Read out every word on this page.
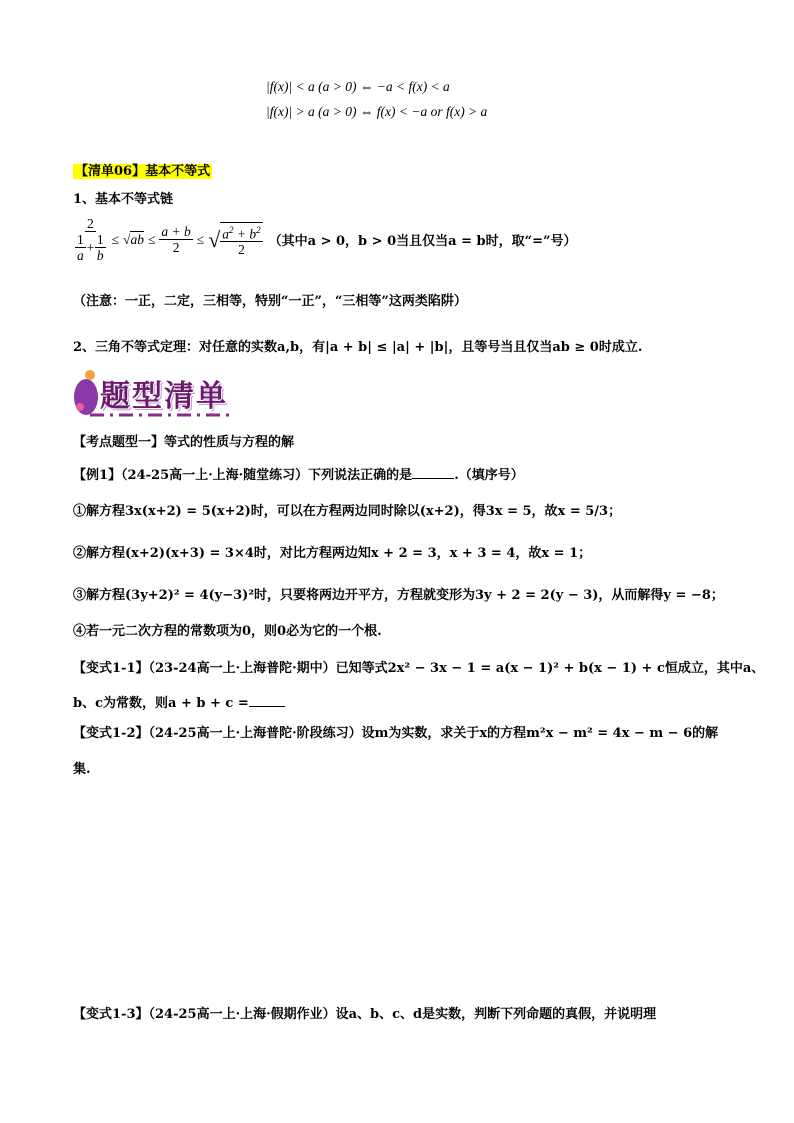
|f(x)| < a (a > 0) ⇔ −a < f(x) < a
|f(x)| > a (a > 0) ⇔ f(x) < −a or f(x) > a
【清单06】基本不等式
1、基本不等式链
$\frac{2}{\frac{1}{a} + \frac{1}{b}} \le √ab \le \frac{a + b}{2}$ ≤ √ $\frac{a^2 + b^2}{2}$ （其中a > 0，b > 0当且仅当a = b时，取“=”号）
（注意：一正，二定，三相等，特别“一正”，“三相等”这两类陷阱）
2、三角不等式定理：对任意的实数a,b，有|a + b| ≤ |a| + |b|，且等号当且仅当ab ≥ 0时成立.
题型清单
【考点题型一】等式的性质与方程的解
【例1】（24-25高一上·上海·随堂练习）下列说法正确的是	.（填序号）
①解方程3x(x+2) = 5(x+2)时，可以在方程两边同时除以(x+2)，得3x = 5，故x = 5/3；
②解方程(x+2)(x+3) = 3×4时，对比方程两边知x + 2 = 3，x + 3 = 4，故x = 1；
③解方程(3y+2)² = 4(y−3)²时，只要将两边开平方，方程就变形为3y + 2 = 2(y − 3)，从而解得y = −8；
④若一元二次方程的常数项为0，则0必为它的一个根.
【变式1-1】（23-24高一上·上海普陀·期中）已知等式2x² − 3x − 1 = a(x − 1)² + b(x − 1) + c恒成立，其中a、
b、c为常数，则a + b + c =
【变式1-2】（24-25高一上·上海普陀·阶段练习）设m为实数，求关于x的方程m²x − m² = 4x − m − 6的解
集.
【变式1-3】（24-25高一上·上海·假期作业）设a、b、c、d是实数，判断下列命题的真假，并说明理
